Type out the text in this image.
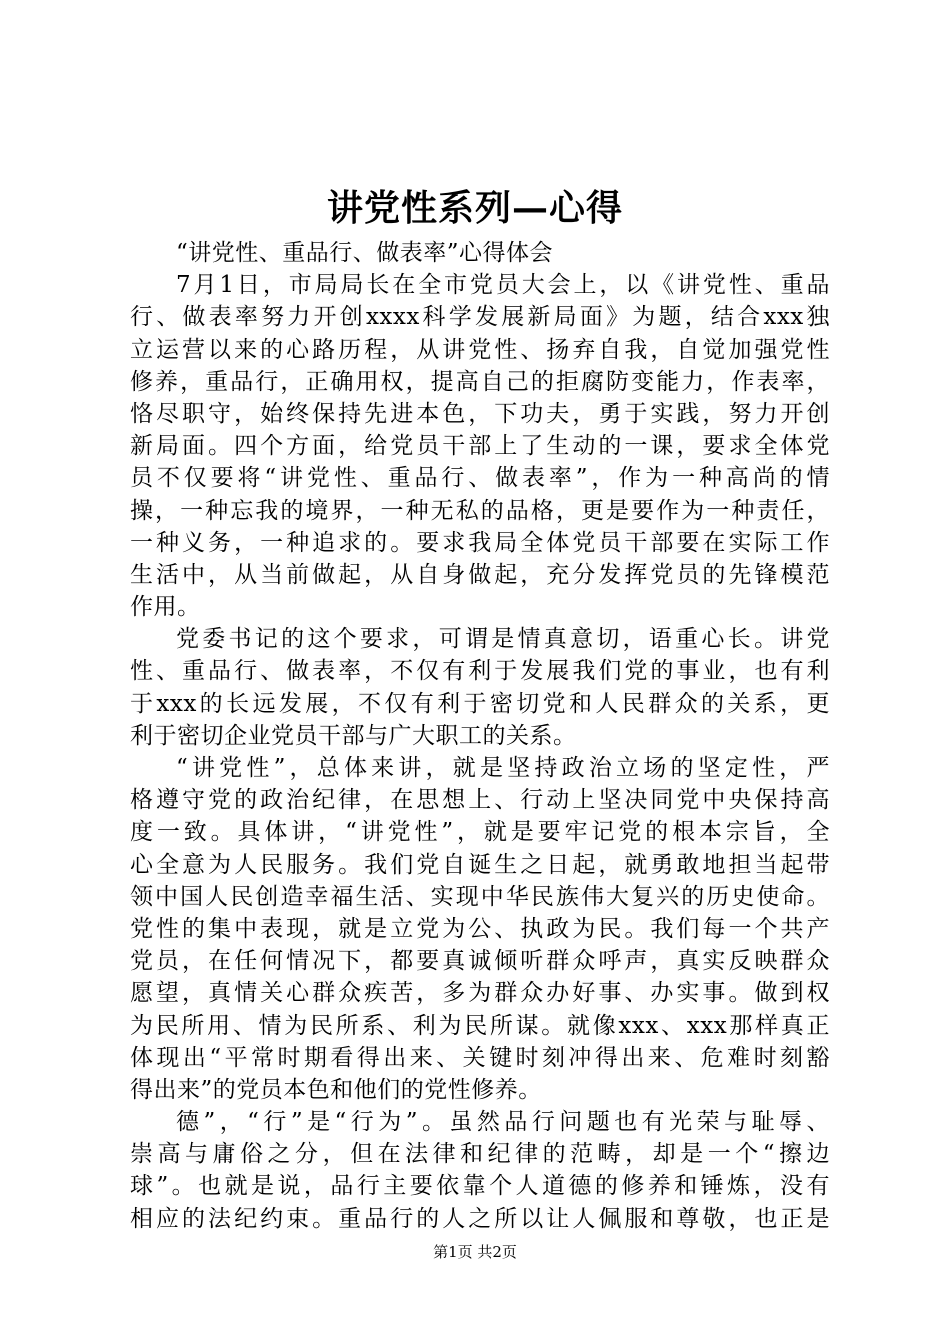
讲党性系列—心得
“讲党性、重品行、做表率”心得体会
7月1日，市局局长在全市党员大会上，以《讲党性、重品
行、做表率努力开创xxxx科学发展新局面》为题，结合xxx独
立运营以来的心路历程，从讲党性、扬弃自我，自觉加强党性
修养，重品行，正确用权，提高自己的拒腐防变能力，作表率，
恪尽职守，始终保持先进本色，下功夫，勇于实践，努力开创
新局面。四个方面，给党员干部上了生动的一课，要求全体党
员不仅要将“讲党性、重品行、做表率”，作为一种高尚的情
操，一种忘我的境界，一种无私的品格，更是要作为一种责任，
一种义务，一种追求的。要求我局全体党员干部要在实际工作
生活中，从当前做起，从自身做起，充分发挥党员的先锋模范
作用。
党委书记的这个要求，可谓是情真意切，语重心长。讲党
性、重品行、做表率，不仅有利于发展我们党的事业，也有利
于xxx的长远发展，不仅有利于密切党和人民群众的关系，更
利于密切企业党员干部与广大职工的关系。
“讲党性”，总体来讲，就是坚持政治立场的坚定性，严
格遵守党的政治纪律，在思想上、行动上坚决同党中央保持高
度一致。具体讲，“讲党性”，就是要牢记党的根本宗旨，全
心全意为人民服务。我们党自诞生之日起，就勇敢地担当起带
领中国人民创造幸福生活、实现中华民族伟大复兴的历史使命。
党性的集中表现，就是立党为公、执政为民。我们每一个共产
党员，在任何情况下，都要真诚倾听群众呼声，真实反映群众
愿望，真情关心群众疾苦，多为群众办好事、办实事。做到权
为民所用、情为民所系、利为民所谋。就像xxx、xxx那样真正
体现出“平常时期看得出来、关键时刻冲得出来、危难时刻豁
得出来”的党员本色和他们的党性修养。
德”，“行”是“行为”。虽然品行问题也有光荣与耻辱、
崇高与庸俗之分，但在法律和纪律的范畴，却是一个“擦边
球”。也就是说，品行主要依靠个人道德的修养和锤炼，没有
相应的法纪约束。重品行的人之所以让人佩服和尊敬，也正是
第1页 共2页
